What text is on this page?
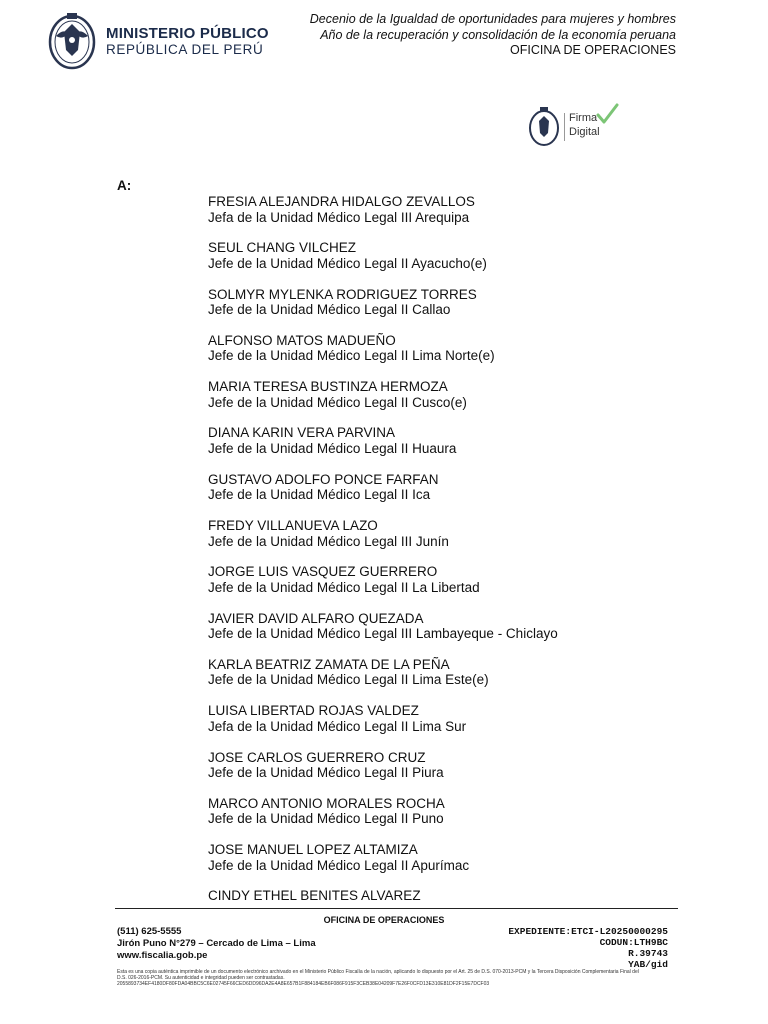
MINISTERIO PÚBLICO
REPÚBLICA DEL PERÚ
Decenio de la Igualdad de oportunidades para mujeres y hombres
Año de la recuperación y consolidación de la economía peruana
OFICINA DE OPERACIONES
Firma
Digital
A:
FRESIA ALEJANDRA HIDALGO ZEVALLOS
Jefa de la Unidad Médico Legal III Arequipa
SEUL CHANG VILCHEZ
Jefe de la Unidad Médico Legal II Ayacucho(e)
SOLMYR MYLENKA RODRIGUEZ TORRES
Jefe de la Unidad Médico Legal II Callao
ALFONSO MATOS MADUEÑO
Jefe de la Unidad Médico Legal II Lima Norte(e)
MARIA TERESA BUSTINZA HERMOZA
Jefe de la Unidad Médico Legal II Cusco(e)
DIANA KARIN VERA PARVINA
Jefe de la Unidad Médico Legal II Huaura
GUSTAVO ADOLFO PONCE FARFAN
Jefe de la Unidad Médico Legal II Ica
FREDY VILLANUEVA LAZO
Jefe de la Unidad Médico Legal III Junín
JORGE LUIS VASQUEZ GUERRERO
Jefe de la Unidad Médico Legal II La Libertad
JAVIER DAVID ALFARO QUEZADA
Jefe de la Unidad Médico Legal III Lambayeque - Chiclayo
KARLA BEATRIZ ZAMATA DE LA PEÑA
Jefe de la Unidad Médico Legal II Lima Este(e)
LUISA LIBERTAD ROJAS VALDEZ
Jefa de la Unidad Médico Legal II Lima Sur
JOSE CARLOS GUERRERO CRUZ
Jefe de la Unidad Médico Legal II Piura
MARCO ANTONIO MORALES ROCHA
Jefe de la Unidad Médico Legal II Puno
JOSE MANUEL LOPEZ ALTAMIZA
Jefe de la Unidad Médico Legal II Apurímac
CINDY ETHEL BENITES ALVAREZ
OFICINA DE OPERACIONES
(511) 625-5555
Jirón Puno N°279 – Cercado de Lima – Lima
www.fiscalia.gob.pe
EXPEDIENTE:ETCI-L20250000295
CODUN:LTH9BC
R.39743
YAB/gid
Esta es una copia auténtica imprimible de un documento electrónico archivado en el Ministerio Público Fiscalía de la nación, aplicando lo dispuesto por el Art. 25 de D.S. 070-2013-PCM y la Tercera Disposición Complementaria Final del
D.S. 026-2016-PCM. Su autenticidad e integridad pueden ser contrastadas.
2055893734EF4180DF80FDA04BBC5C6E02745F66CED6DD96DA2E4A8E657B1F884184EB6F086F915F3CEB38E04209F7E26F0CFD13E310E81DF2F15E7DCF03
